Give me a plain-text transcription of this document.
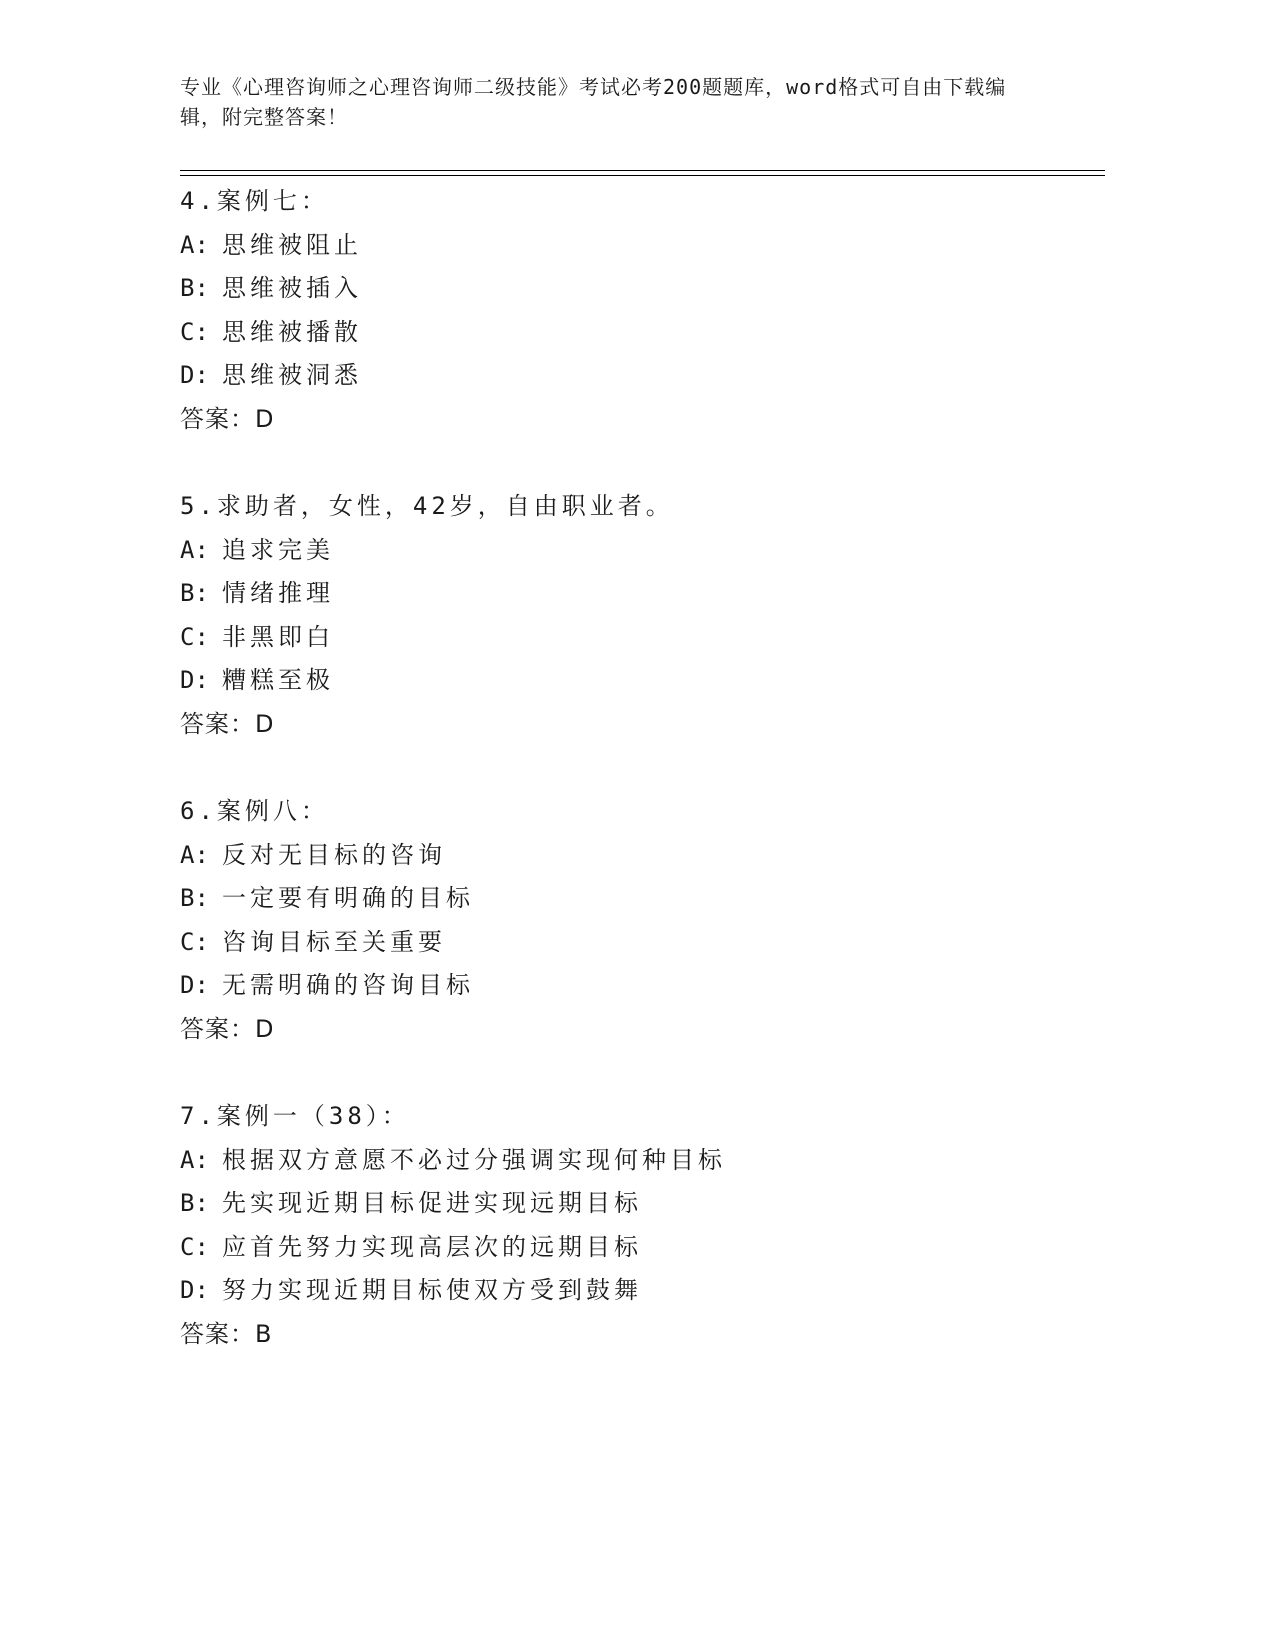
专业《心理咨询师之心理咨询师二级技能》考试必考200题题库，word格式可自由下载编辑，附完整答案！
4.案例七：
A: 思维被阻止
B: 思维被插入
C: 思维被播散
D: 思维被洞悉
答案：D
5.求助者，女性，42岁，自由职业者。
A: 追求完美
B: 情绪推理
C: 非黑即白
D: 糟糕至极
答案：D
6.案例八：
A: 反对无目标的咨询
B: 一定要有明确的目标
C: 咨询目标至关重要
D: 无需明确的咨询目标
答案：D
7.案例一（38）：
A: 根据双方意愿不必过分强调实现何种目标
B: 先实现近期目标促进实现远期目标
C: 应首先努力实现高层次的远期目标
D: 努力实现近期目标使双方受到鼓舞
答案：B
